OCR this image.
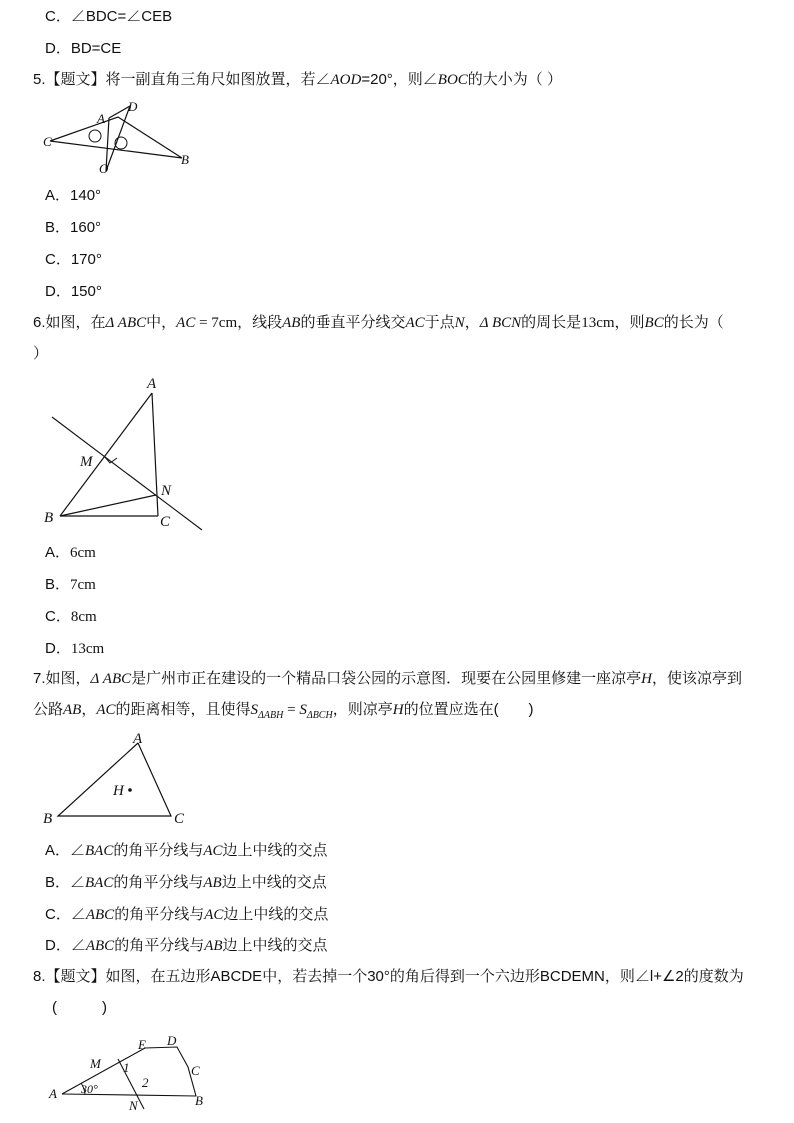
C．∠BDC=∠CEB
D．BD=CE
5.【题文】将一副直角三角尺如图放置，若∠AOD=20°，则∠BOC的大小为（ ）
C
A
D
O
B
A．140°
B．160°
C．170°
D．150°
6.如图，在Δ ABC中，AC = 7cm，线段AB的垂直平分线交AC于点N，Δ BCN的周长是13cm，则BC的长为（
）
A
M
N
B	C
A．6cm
B．7cm
C．8cm
D．13cm
7.如图，Δ ABC是广州市正在建设的一个精品口袋公园的示意图．现要在公园里修建一座凉亭H，使该凉亭到
公路AB，AC的距离相等，且使得$S_{\Delta ABH} = S_{\Delta BCH}$，则凉亭H的位置应选在(　　)
A
H
B	C
A．∠BAC的角平分线与AC边上中线的交点
B．∠BAC的角平分线与AB边上中线的交点
C．∠ABC的角平分线与AC边上中线的交点
D．∠ABC的角平分线与AB边上中线的交点
8.【题文】如图，在五边形ABCDE中，若去掉一个30°的角后得到一个六边形BCDEMN，则∠l+∠2的度数为
(　　　)
E D
M 1	C
2
A 30°
N	B
